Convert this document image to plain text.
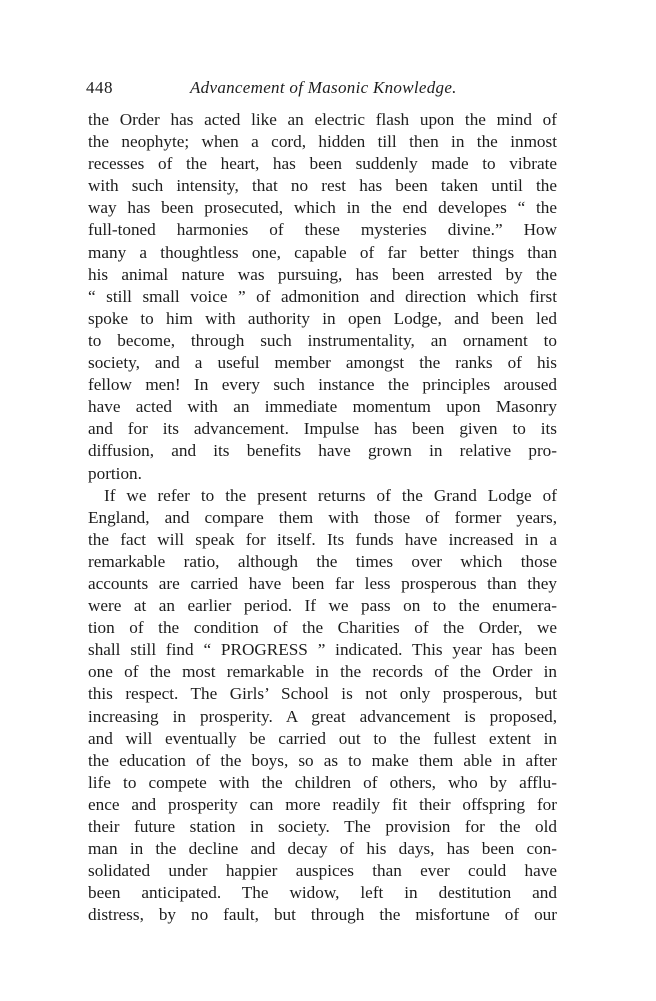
448	Advancement of Masonic Knowledge.
the Order has acted like an electric flash upon the mind of
the neophyte; when a cord, hidden till then in the inmost
recesses of the heart, has been suddenly made to vibrate
with such intensity, that no rest has been taken until the
way has been prosecuted, which in the end developes “ the
full-toned harmonies of these mysteries divine.” How
many a thoughtless one, capable of far better things than
his animal nature was pursuing, has been arrested by the
“ still small voice ” of admonition and direction which first
spoke to him with authority in open Lodge, and been led
to become, through such instrumentality, an ornament to
society, and a useful member amongst the ranks of his
fellow men! In every such instance the principles aroused
have acted with an immediate momentum upon Masonry
and for its advancement. Impulse has been given to its
diffusion, and its benefits have grown in relative pro-
portion.
If we refer to the present returns of the Grand Lodge of
England, and compare them with those of former years,
the fact will speak for itself. Its funds have increased in a
remarkable ratio, although the times over which those
accounts are carried have been far less prosperous than they
were at an earlier period. If we pass on to the enumera-
tion of the condition of the Charities of the Order, we
shall still find “ PROGRESS ” indicated. This year has been
one of the most remarkable in the records of the Order in
this respect. The Girls’ School is not only prosperous, but
increasing in prosperity. A great advancement is proposed,
and will eventually be carried out to the fullest extent in
the education of the boys, so as to make them able in after
life to compete with the children of others, who by afflu-
ence and prosperity can more readily fit their offspring for
their future station in society. The provision for the old
man in the decline and decay of his days, has been con-
solidated under happier auspices than ever could have
been anticipated. The widow, left in destitution and
distress, by no fault, but through the misfortune of our
